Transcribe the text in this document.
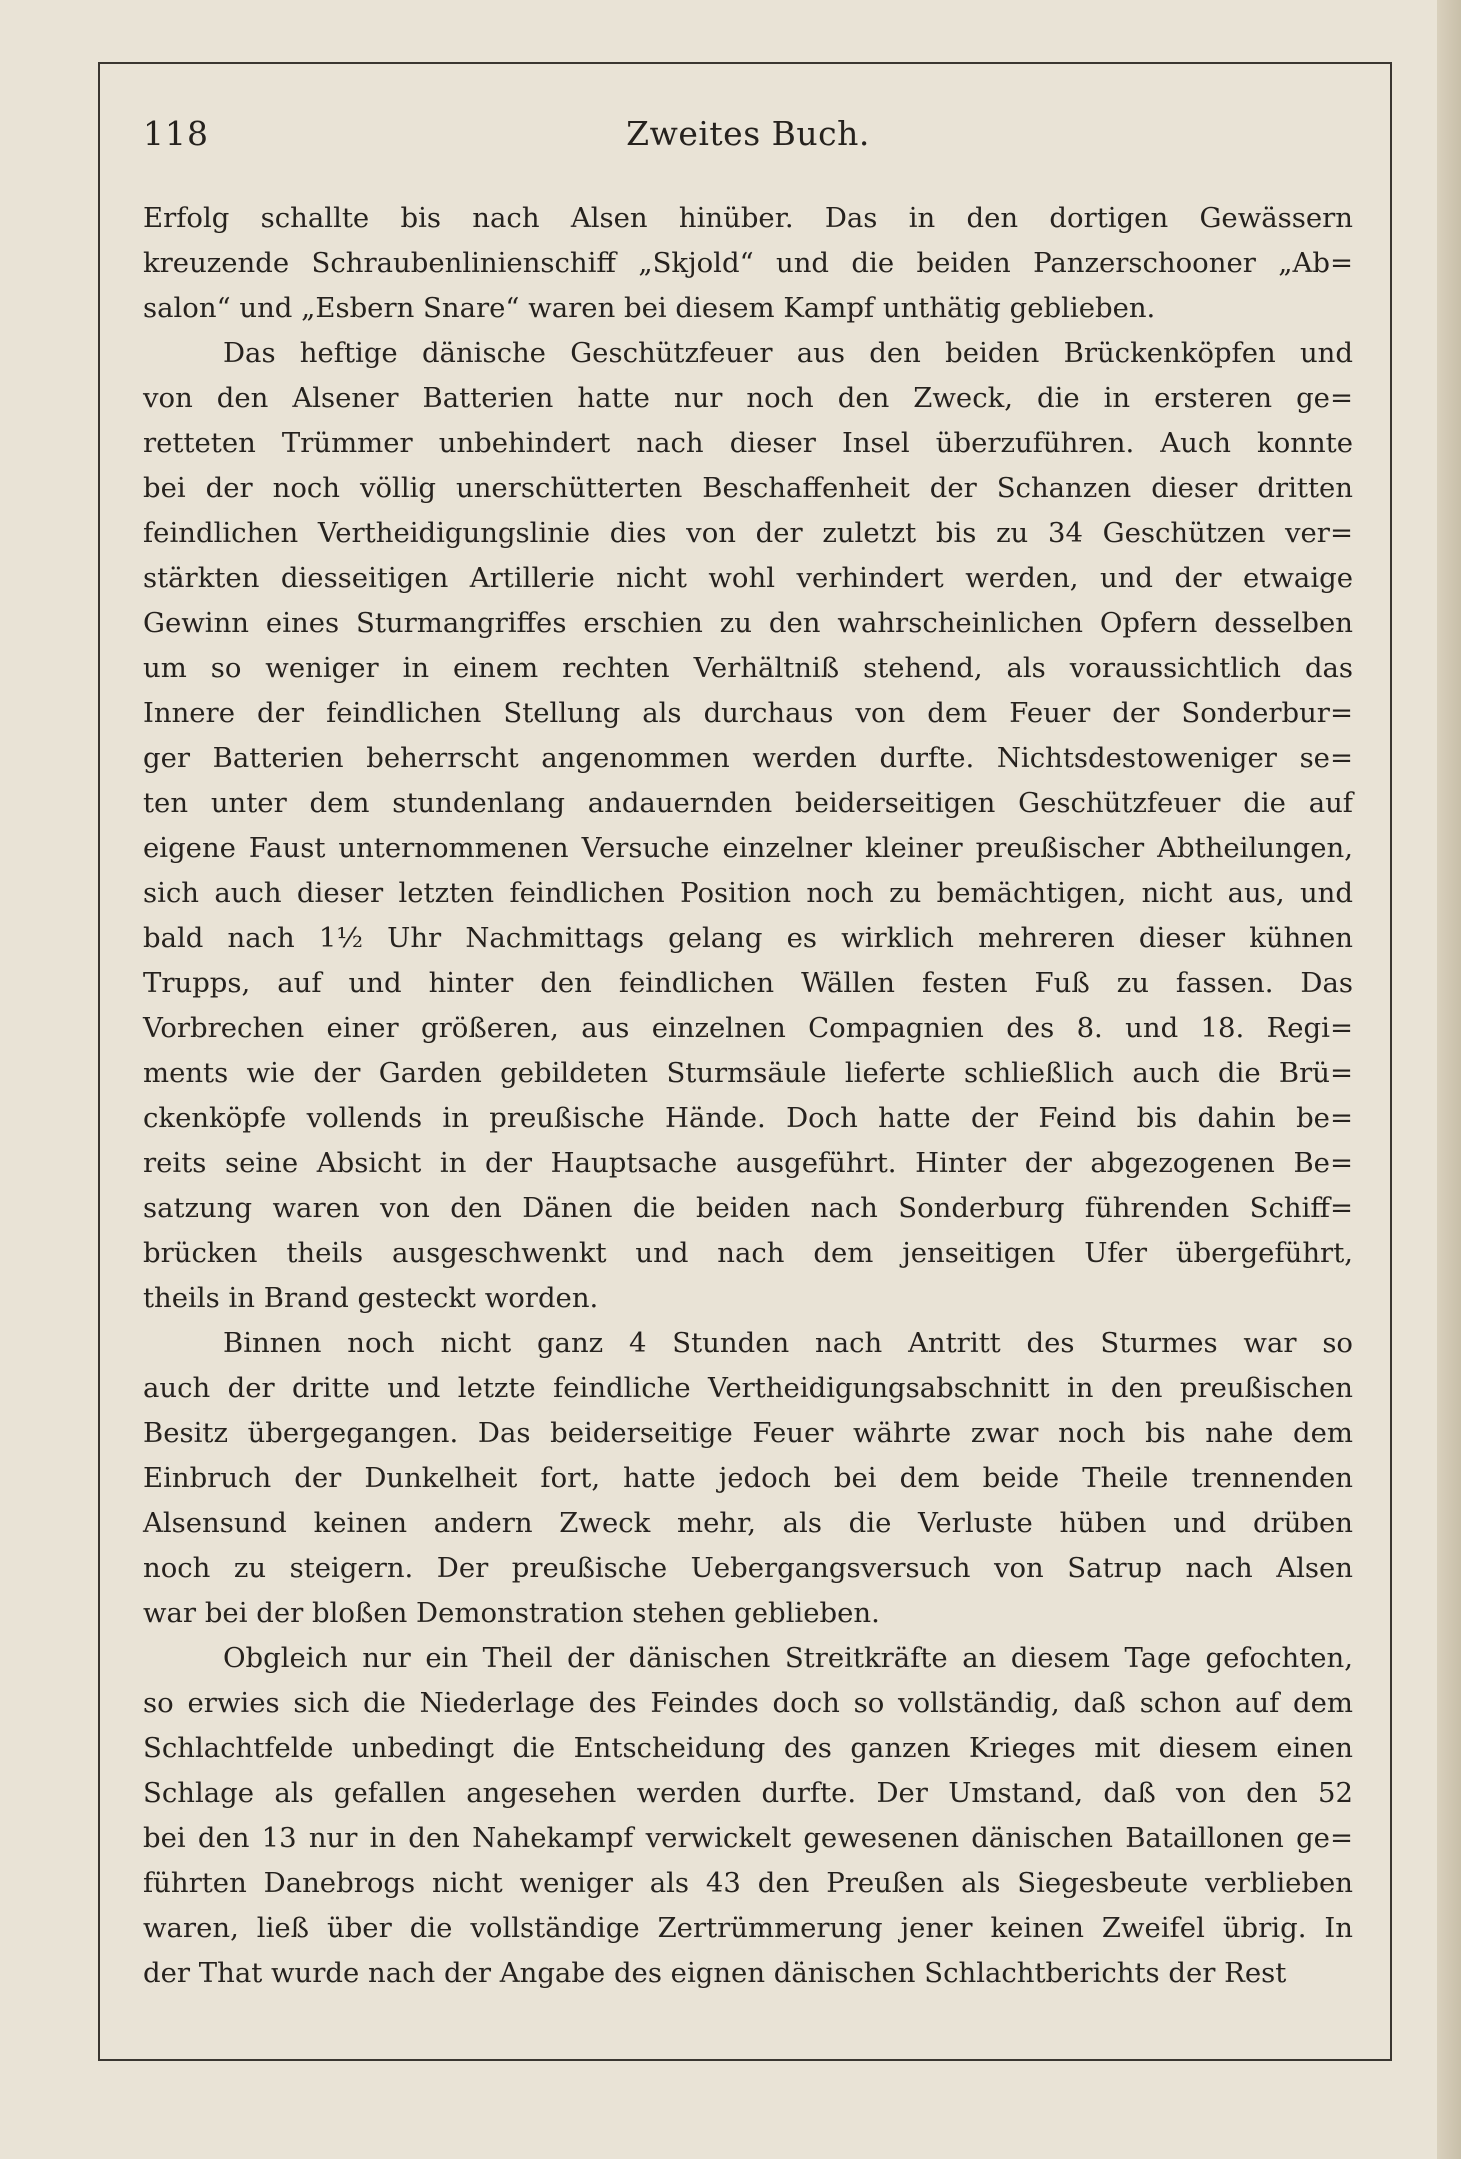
118	Zweites Buch.
Erfolg schallte bis nach Alsen hinüber. Das in den dortigen Gewässern
kreuzende Schraubenlinienschiff „Skjold“ und die beiden Panzerschooner „Ab=
salon“ und „Esbern Snare“ waren bei diesem Kampf unthätig geblieben.
Das heftige dänische Geschützfeuer aus den beiden Brückenköpfen und
von den Alsener Batterien hatte nur noch den Zweck, die in ersteren ge=
retteten Trümmer unbehindert nach dieser Insel überzuführen. Auch konnte
bei der noch völlig unerschütterten Beschaffenheit der Schanzen dieser dritten
feindlichen Vertheidigungslinie dies von der zuletzt bis zu 34 Geschützen ver=
stärkten diesseitigen Artillerie nicht wohl verhindert werden, und der etwaige
Gewinn eines Sturmangriffes erschien zu den wahrscheinlichen Opfern desselben
um so weniger in einem rechten Verhältniß stehend, als voraussichtlich das
Innere der feindlichen Stellung als durchaus von dem Feuer der Sonderbur=
ger Batterien beherrscht angenommen werden durfte. Nichtsdestoweniger se=
ten unter dem stundenlang andauernden beiderseitigen Geschützfeuer die auf
eigene Faust unternommenen Versuche einzelner kleiner preußischer Abtheilungen,
sich auch dieser letzten feindlichen Position noch zu bemächtigen, nicht aus, und
bald nach 1½ Uhr Nachmittags gelang es wirklich mehreren dieser kühnen
Trupps, auf und hinter den feindlichen Wällen festen Fuß zu fassen. Das
Vorbrechen einer größeren, aus einzelnen Compagnien des 8. und 18. Regi=
ments wie der Garden gebildeten Sturmsäule lieferte schließlich auch die Brü=
ckenköpfe vollends in preußische Hände. Doch hatte der Feind bis dahin be=
reits seine Absicht in der Hauptsache ausgeführt. Hinter der abgezogenen Be=
satzung waren von den Dänen die beiden nach Sonderburg führenden Schiff=
brücken theils ausgeschwenkt und nach dem jenseitigen Ufer übergeführt,
theils in Brand gesteckt worden.
Binnen noch nicht ganz 4 Stunden nach Antritt des Sturmes war so
auch der dritte und letzte feindliche Vertheidigungsabschnitt in den preußischen
Besitz übergegangen. Das beiderseitige Feuer währte zwar noch bis nahe dem
Einbruch der Dunkelheit fort, hatte jedoch bei dem beide Theile trennenden
Alsensund keinen andern Zweck mehr, als die Verluste hüben und drüben
noch zu steigern. Der preußische Uebergangsversuch von Satrup nach Alsen
war bei der bloßen Demonstration stehen geblieben.
Obgleich nur ein Theil der dänischen Streitkräfte an diesem Tage gefochten,
so erwies sich die Niederlage des Feindes doch so vollständig, daß schon auf dem
Schlachtfelde unbedingt die Entscheidung des ganzen Krieges mit diesem einen
Schlage als gefallen angesehen werden durfte. Der Umstand, daß von den 52
bei den 13 nur in den Nahekampf verwickelt gewesenen dänischen Bataillonen ge=
führten Danebrogs nicht weniger als 43 den Preußen als Siegesbeute verblieben
waren, ließ über die vollständige Zertrümmerung jener keinen Zweifel übrig. In
der That wurde nach der Angabe des eignen dänischen Schlachtberichts der Rest
